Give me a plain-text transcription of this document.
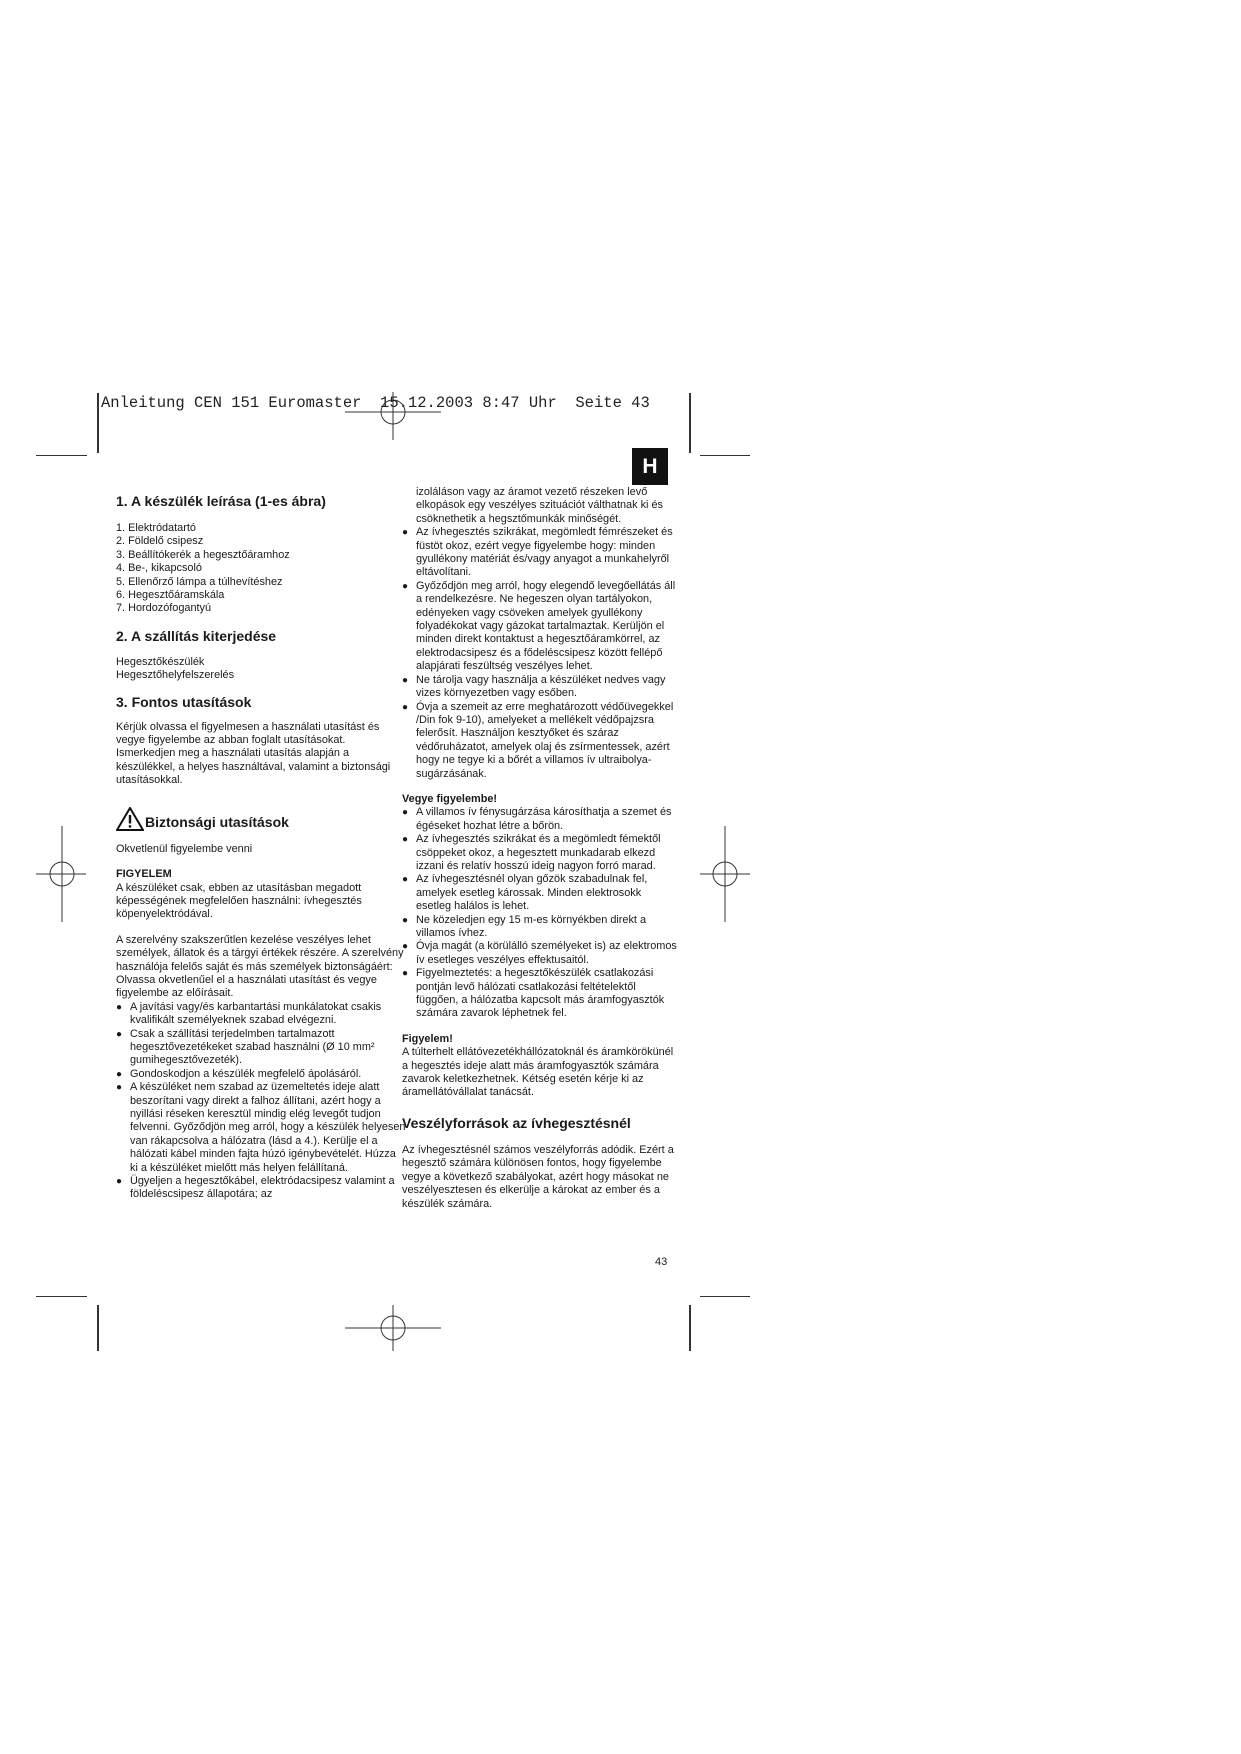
Anleitung CEN 151 Euromaster  15.12.2003 8:47 Uhr  Seite 43
H
1. A készülék leírása (1-es ábra)
1. Elektródatartó
2. Földelő csipesz
3. Beállítókerék a hegesztőáramhoz
4. Be-, kikapcsoló
5. Ellenőrző lámpa a túlhevítéshez
6. Hegesztőáramskála
7. Hordozófogantyú
2. A szállítás kiterjedése
Hegesztőkészülék
Hegesztőhelyfelszerelés
3. Fontos utasítások

Kérjük olvassa el figyelmesen a használati utasítást és vegye figyelembe az abban foglalt utasításokat. Ismerkedjen meg a használati utasítás alapján a készülékkel, a helyes használtával, valamint a biztonsági utasításokkal.

Biztonsági utasítások

Okvetlenül figyelembe venni

FIGYELEM

A készüléket csak, ebben az utasításban megadott képességének megfelelően használni: ívhegesztés köpenyelektródával.

A szerelvény szakszerűtlen kezelése veszélyes lehet személyek, állatok és a tárgyi értékek részére. A szerelvény használója felelős saját és más személyek biztonságáért:

Olvassa okvetlenűel el a használati utasítást és vegye figyelembe az előírásait.

● A javítási vagy/és karbantartási munkálatokat csakis kvalifikált személyeknek szabad elvégezni.
● Csak a szállítási terjedelmben tartalmazott hegesztővezetékeket szabad használni (Ø 10 mm² gumihegesztővezeték).
● Gondoskodjon a készülék megfelelő ápolásáról.
● A készüléket nem szabad az üzemeltetés ideje alatt beszorítani vagy direkt a falhoz állítani, azért hogy a nyillási réseken keresztül mindig elég levegőt tudjon felvenni. Győződjön meg arról, hogy a készülék helyesen van rákapcsolva a hálózatra (lásd a 4.). Kerülje el a hálózati kábel minden fajta húzó igénybevételét. Húzza ki a készüléket mielőtt más helyen felállítaná.
● Ügyeljen a hegesztőkábel, elektródacsipesz valamint a földeléscsipesz állapotára; az

izoláláson vagy az áramot vezető részeken levő elkopások egy veszélyes szituációt válthatnak ki és csöknethetik a hegsztőmunkák minőségét.

● Az ívhegesztés szikrákat, megömledt fémrészeket és füstöt okoz, ezért vegye figyelembe hogy: minden gyullékony matériát és/vagy anyagot a munkahelyről eltávolítani.
● Győződjön meg arról, hogy elegendő levegőellátás áll a rendelkezésre. Ne hegeszen olyan tartályokon, edényeken vagy csöveken amelyek gyullékony folyadékokat vagy gázokat tartalmaztak. Kerüljön el minden direkt kontaktust a hegesztőáramkörrel, az elektrodacsipesz és a fődeléscsipesz között fellépő alapjárati feszültség veszélyes lehet.
● Ne tárolja vagy használja a készüléket nedves vagy vizes környezetben vagy esőben.
● Óvja a szemeit az erre meghatározott védőüvegekkel /Din fok 9-10), amelyeket a mellékelt védőpajzsra felerősít. Használjon kesztyőket és száraz védőruházatot, amelyek olaj és zsírmentessek, azért hogy ne tegye ki a bőrét a villamos ív ultraibolya-sugárzásának.
Vegye figyelembe!
● A villamos ív fénysugárzása károsíthatja a szemet és égéseket hozhat létre a bőrön.
● Az ívhegesztés szikrákat és a megömledt fémektől csöppeket okoz, a hegesztett munkadarab elkezd izzani és relatív hosszú ideig nagyon forró marad.
● Az ívhegesztésnél olyan gőzök szabadulnak fel, amelyek esetleg károssak. Minden elektrosokk esetleg halálos is lehet.
● Ne közeledjen egy 15 m-es környékben direkt a villamos ívhez.
● Óvja magát (a körülálló személyeket is) az elektromos ív esetleges veszélyes effektusaitól.
● Figyelmeztetés: a hegesztőkészülék csatlakozási pontján levő hálózati csatlakozási feltételektől függően, a hálózatba kapcsolt más áramfogyasztók számára zavarok léphetnek fel.
Figyelem!

A túlterhelt ellátóvezetékhállózatoknál és áramkörökünél a hegesztés ideje alatt más áramfogyasztók számára zavarok keletkezhetnek. Kétség esetén kérje ki az áramellátóvállalat tanácsát.

Veszélyforrások az ívhegesztésnél

Az ívhegesztésnél számos veszélyforrás adódik. Ezért a hegesztő számára különösen fontos, hogy figyelembe vegye a következő szabályokat, azért hogy másokat ne veszélyesztesen és elkerülje a károkat az ember és a készülék számára.

43
